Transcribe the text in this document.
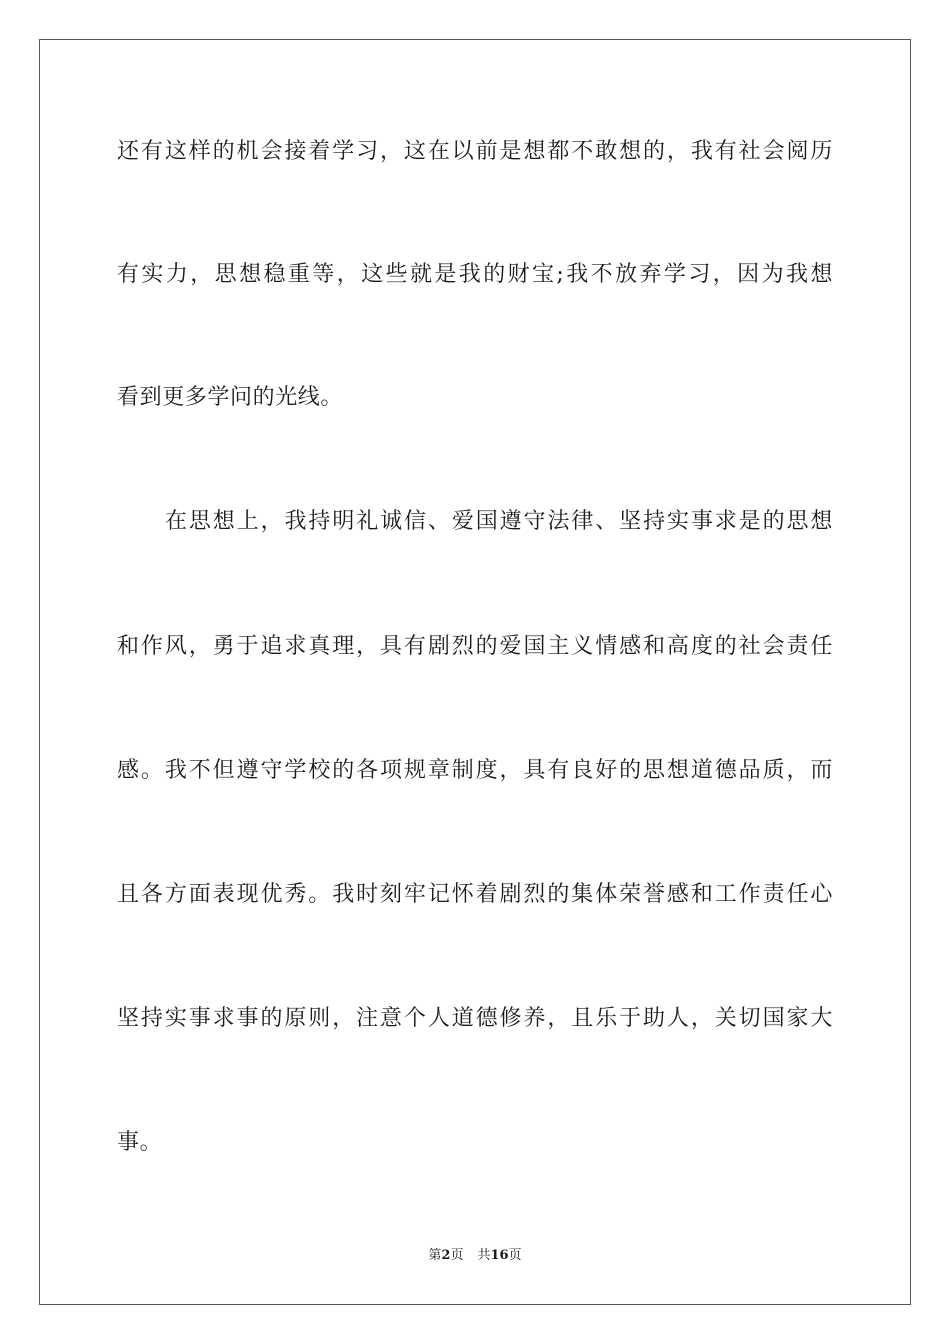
还有这样的机会接着学习，这在以前是想都不敢想的，我有社会阅历
有实力，思想稳重等，这些就是我的财宝;我不放弃学习，因为我想
看到更多学问的光线。
在思想上，我持明礼诚信、爱国遵守法律、坚持实事求是的思想
和作风，勇于追求真理，具有剧烈的爱国主义情感和高度的社会责任
感。我不但遵守学校的各项规章制度，具有良好的思想道德品质，而
且各方面表现优秀。我时刻牢记怀着剧烈的集体荣誉感和工作责任心
坚持实事求事的原则，注意个人道德修养，且乐于助人，关切国家大
事。
第2页 共16页
